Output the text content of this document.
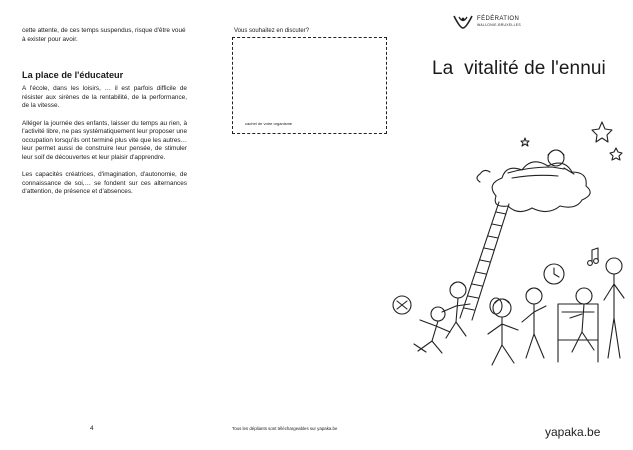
cette attente, de ces temps suspendus, risque d'être voué à exister pour avoir.

La place de l'éducateur

A l'école, dans les loisirs, … il est parfois difficile de résister aux sirènes de la rentabilité, de la performance, de la vitesse.

Alléger la journée des enfants, laisser du temps au rien, à l'activité libre, ne pas systématiquement leur proposer une occupation lorsqu'ils ont terminé plus vite que les autres… leur permet aussi de construire leur pensée, de stimuler leur soif de découvertes et leur plaisir d'apprendre.

Les capacités créatrices, d'imagination, d'autonomie, de connaissance de soi,… se fondent sur ces alternances d'attention, de présence et d'absences.

4
Vous souhaitez en discuter?
cachet de votre organisme
Tous les dépliants sont téléchargeables sur yapaka.be
FÉDÉRATION
WALLONIE-BRUXELLES
La  vitalité de l'ennui
yapaka.be
